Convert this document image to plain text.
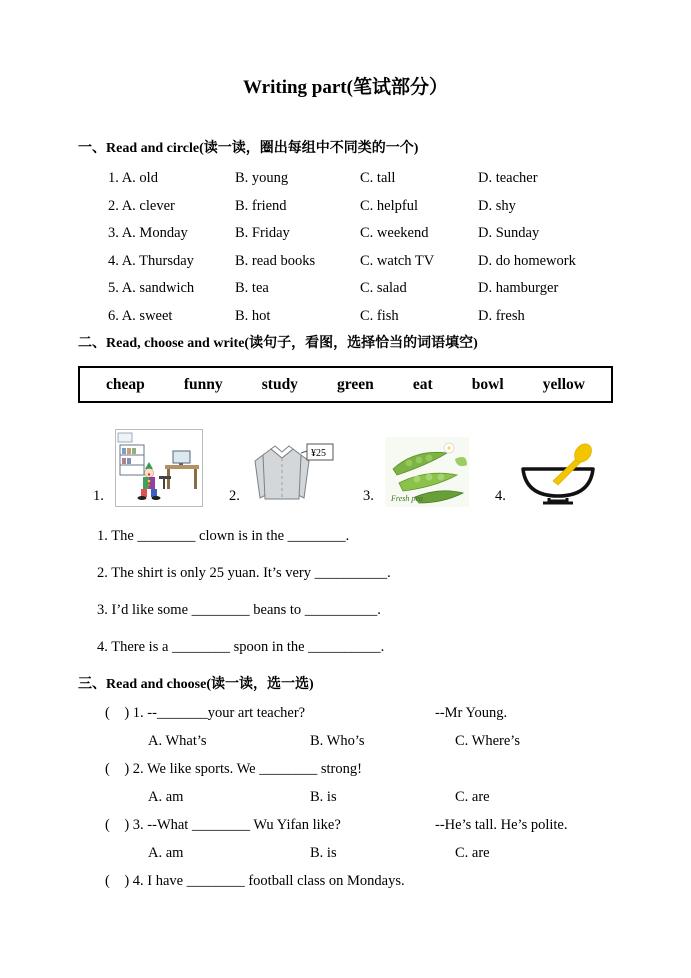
Writing part(笔试部分）
一、Read and circle(读一读，圈出每组中不同类的一个)
1. A. old	B. young	C. tall	D. teacher
2. A. clever	B. friend	C. helpful	D. shy
3. A. Monday	B. Friday	C. weekend	D. Sunday
4. A. Thursday	B. read books	C. watch TV	D. do homework
5. A. sandwich	B. tea	C. salad	D. hamburger
6. A. sweet	B. hot	C. fish	D. fresh
二、Read, choose and write(读句子，看图，选择恰当的词语填空)
cheap	funny	study	green	eat	bowl	yellow
1.	2.
¥25
3.	Fresh pea	4.
1. The ________ clown is in the ________.
2. The shirt is only 25 yuan. It’s very __________.
3. I’d like some ________ beans to __________.
4. There is a ________ spoon in the __________.
三、Read and choose(读一读，选一选)
(    ) 1. --_______your art teacher?	--Mr Young.
A. What’s	B. Who’s	C. Where’s
(    ) 2. We like sports. We ________ strong!
A. am	B. is	C. are
(    ) 3. --What ________ Wu Yifan like?	--He’s tall. He’s polite.
A. am	B. is	C. are
(    ) 4. I have ________ football class on Mondays.
